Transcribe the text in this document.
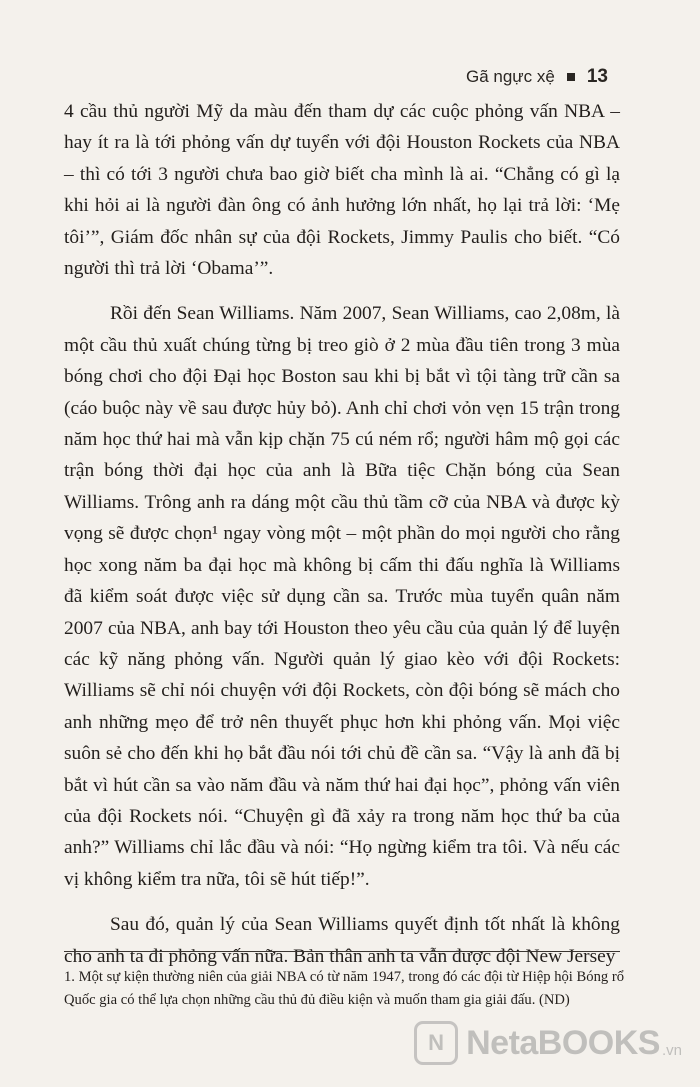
Gã ngực xệ 13

4 cầu thủ người Mỹ da màu đến tham dự các cuộc phỏng vấn NBA – hay ít ra là tới phỏng vấn dự tuyển với đội Houston Rockets của NBA – thì có tới 3 người chưa bao giờ biết cha mình là ai. “Chẳng có gì lạ khi hỏi ai là người đàn ông có ảnh hưởng lớn nhất, họ lại trả lời: ‘Mẹ tôi’”, Giám đốc nhân sự của đội Rockets, Jimmy Paulis cho biết. “Có người thì trả lời ‘Obama’”.

Rồi đến Sean Williams. Năm 2007, Sean Williams, cao 2,08m, là một cầu thủ xuất chúng từng bị treo giò ở 2 mùa đầu tiên trong 3 mùa bóng chơi cho đội Đại học Boston sau khi bị bắt vì tội tàng trữ cần sa (cáo buộc này về sau được hủy bỏ). Anh chỉ chơi vỏn vẹn 15 trận trong năm học thứ hai mà vẫn kịp chặn 75 cú ném rổ; người hâm mộ gọi các trận bóng thời đại học của anh là Bữa tiệc Chặn bóng của Sean Williams. Trông anh ra dáng một cầu thủ tầm cỡ của NBA và được kỳ vọng sẽ được chọn¹ ngay vòng một – một phần do mọi người cho rằng học xong năm ba đại học mà không bị cấm thi đấu nghĩa là Williams đã kiểm soát được việc sử dụng cần sa. Trước mùa tuyển quân năm 2007 của NBA, anh bay tới Houston theo yêu cầu của quản lý để luyện các kỹ năng phỏng vấn. Người quản lý giao kèo với đội Rockets: Williams sẽ chỉ nói chuyện với đội Rockets, còn đội bóng sẽ mách cho anh những mẹo để trở nên thuyết phục hơn khi phỏng vấn. Mọi việc suôn sẻ cho đến khi họ bắt đầu nói tới chủ đề cần sa. “Vậy là anh đã bị bắt vì hút cần sa vào năm đầu và năm thứ hai đại học”, phỏng vấn viên của đội Rockets nói. “Chuyện gì đã xảy ra trong năm học thứ ba của anh?” Williams chỉ lắc đầu và nói: “Họ ngừng kiểm tra tôi. Và nếu các vị không kiểm tra nữa, tôi sẽ hút tiếp!”.

Sau đó, quản lý của Sean Williams quyết định tốt nhất là không cho anh ta đi phỏng vấn nữa. Bản thân anh ta vẫn được đội New Jersey

1. Một sự kiện thường niên của giải NBA có từ năm 1947, trong đó các đội từ Hiệp hội Bóng rổ Quốc gia có thể lựa chọn những cầu thủ đủ điều kiện và muốn tham gia giải đấu. (ND)
N NetaBOOKS .vn
